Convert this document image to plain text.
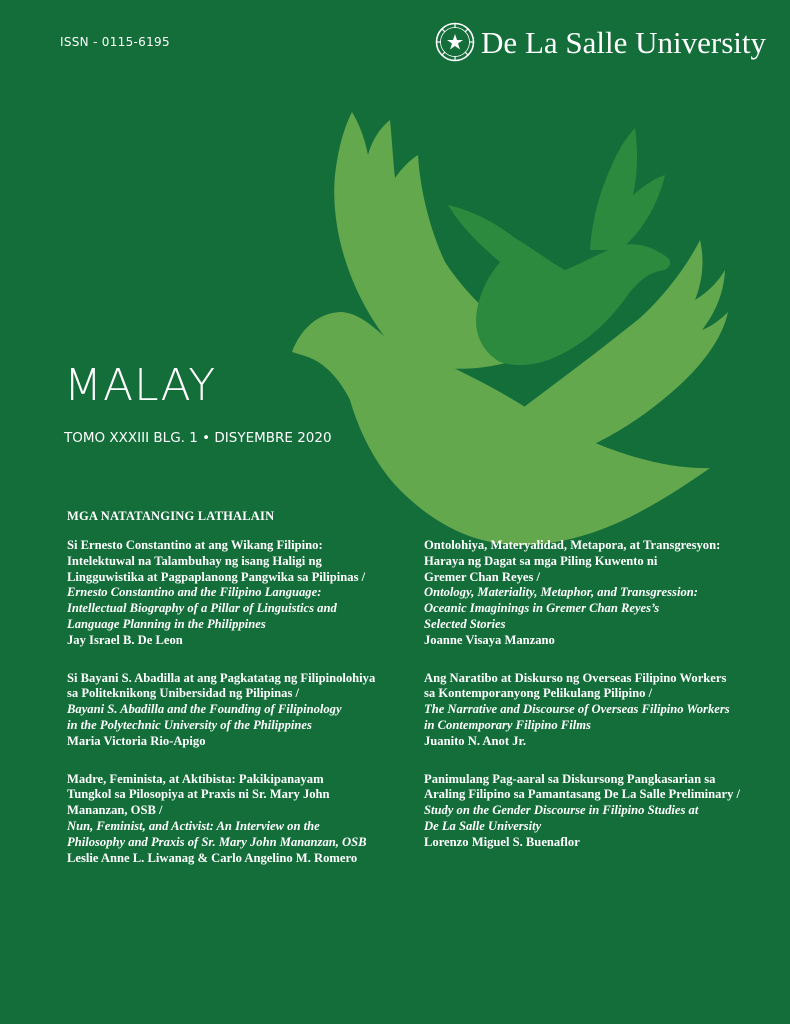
ISSN - 0115-6195	De La Salle University
MALAY
TOMO XXXIII BLG. 1 • DISYEMBRE 2020
MGA NATATANGING LATHALAIN
Si Ernesto Constantino at ang Wikang Filipino:
Intelektuwal na Talambuhay ng isang Haligi ng
Lingguwistika at Pagpaplanong Pangwika sa Pilipinas /
Ernesto Constantino and the Filipino Language:
Intellectual Biography of a Pillar of Linguistics and
Language Planning in the Philippines
Jay Israel B. De Leon
Si Bayani S. Abadilla at ang Pagkatatag ng Filipinolohiya
sa Politeknikong Unibersidad ng Pilipinas /
Bayani S. Abadilla and the Founding of Filipinology
in the Polytechnic University of the Philippines
Maria Victoria Rio-Apigo
Madre, Feminista, at Aktibista: Pakikipanayam
Tungkol sa Pilosopiya at Praxis ni Sr. Mary John
Mananzan, OSB /
Nun, Feminist, and Activist: An Interview on the
Philosophy and Praxis of Sr. Mary John Mananzan, OSB
Leslie Anne L. Liwanag & Carlo Angelino M. Romero
Ontolohiya, Materyalidad, Metapora, at Transgresyon:
Haraya ng Dagat sa mga Piling Kuwento ni
Gremer Chan Reyes /
Ontology, Materiality, Metaphor, and Transgression:
Oceanic Imaginings in Gremer Chan Reyes’s
Selected Stories
Joanne Visaya Manzano
Ang Naratibo at Diskurso ng Overseas Filipino Workers
sa Kontemporanyong Pelikulang Pilipino /
The Narrative and Discourse of Overseas Filipino Workers
in Contemporary Filipino Films
Juanito N. Anot Jr.
Panimulang Pag-aaral sa Diskursong Pangkasarian sa
Araling Filipino sa Pamantasang De La Salle Preliminary /
Study on the Gender Discourse in Filipino Studies at
De La Salle University
Lorenzo Miguel S. Buenaflor
